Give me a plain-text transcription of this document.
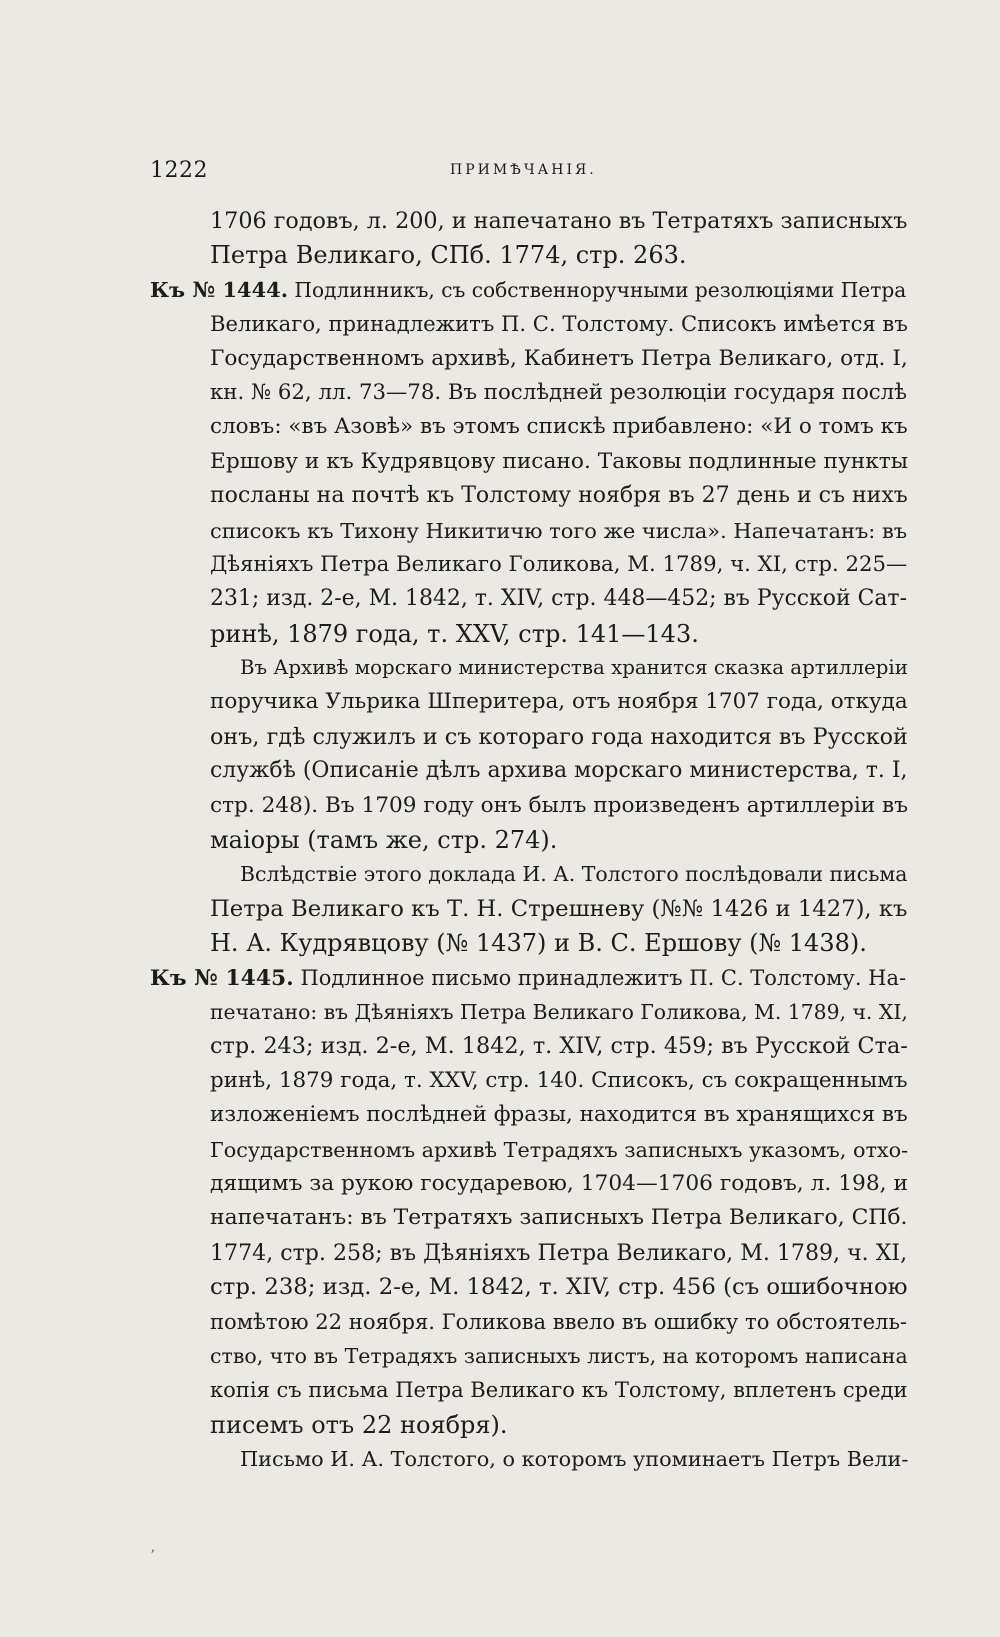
1222	ПРИМѢЧАНІЯ.
1706 годовъ, л. 200, и напечатано въ Тетратяхъ записныхъ
Петра Великаго, СПб. 1774, стр. 263.
Къ № 1444. Подлинникъ, съ собственноручными резолюціями Петра
Великаго, принадлежитъ П. С. Толстому. Списокъ имѣется въ
Государственномъ архивѣ, Кабинетъ Петра Великаго, отд. I,
кн. № 62, лл. 73—78. Въ послѣдней резолюціи государя послѣ
словъ: «въ Азовѣ» въ этомъ спискѣ прибавлено: «И о томъ къ
Ершову и къ Кудрявцову писано. Таковы подлинные пункты
посланы на почтѣ къ Толстому ноября въ 27 день и съ нихъ
списокъ къ Тихону Никитичю того же числа». Напечатанъ: въ
Дѣяніяхъ Петра Великаго Голикова, М. 1789, ч. XI, стр. 225—
231; изд. 2-е, М. 1842, т. XIV, стр. 448—452; въ Русской Сат-
ринѣ, 1879 года, т. XXV, стр. 141—143.
Въ Архивѣ морскаго министерства хранится сказка артиллеріи
поручика Ульрика Шперитера, отъ ноября 1707 года, откуда
онъ, гдѣ служилъ и съ котораго года находится въ Русской
службѣ (Описаніе дѣлъ архива морскаго министерства, т. I,
стр. 248). Въ 1709 году онъ былъ произведенъ артиллеріи въ
маіоры (тамъ же, стр. 274).
Вслѣдствіе этого доклада И. А. Толстого послѣдовали письма
Петра Великаго къ Т. Н. Стрешневу (№№ 1426 и 1427), къ
Н. А. Кудрявцову (№ 1437) и В. С. Ершову (№ 1438).
Къ № 1445. Подлинное письмо принадлежитъ П. С. Толстому. На-
печатано: въ Дѣяніяхъ Петра Великаго Голикова, М. 1789, ч. XI,
стр. 243; изд. 2-е, М. 1842, т. XIV, стр. 459; въ Русской Ста-
ринѣ, 1879 года, т. XXV, стр. 140. Списокъ, съ сокращеннымъ
изложеніемъ послѣдней фразы, находится въ хранящихся въ
Государственномъ архивѣ Тетрадяхъ записныхъ указомъ, отхо-
дящимъ за рукою государевою, 1704—1706 годовъ, л. 198, и
напечатанъ: въ Тетратяхъ записныхъ Петра Великаго, СПб.
1774, стр. 258; въ Дѣяніяхъ Петра Великаго, М. 1789, ч. XI,
стр. 238; изд. 2-е, М. 1842, т. XIV, стр. 456 (съ ошибочною
помѣтою 22 ноября. Голикова ввело въ ошибку то обстоятель-
ство, что въ Тетрадяхъ записныхъ листъ, на которомъ написана
копія съ письма Петра Великаго къ Толстому, вплетенъ среди
писемъ отъ 22 ноября).
Письмо И. А. Толстого, о которомъ упоминаетъ Петръ Вели-
ʼ
